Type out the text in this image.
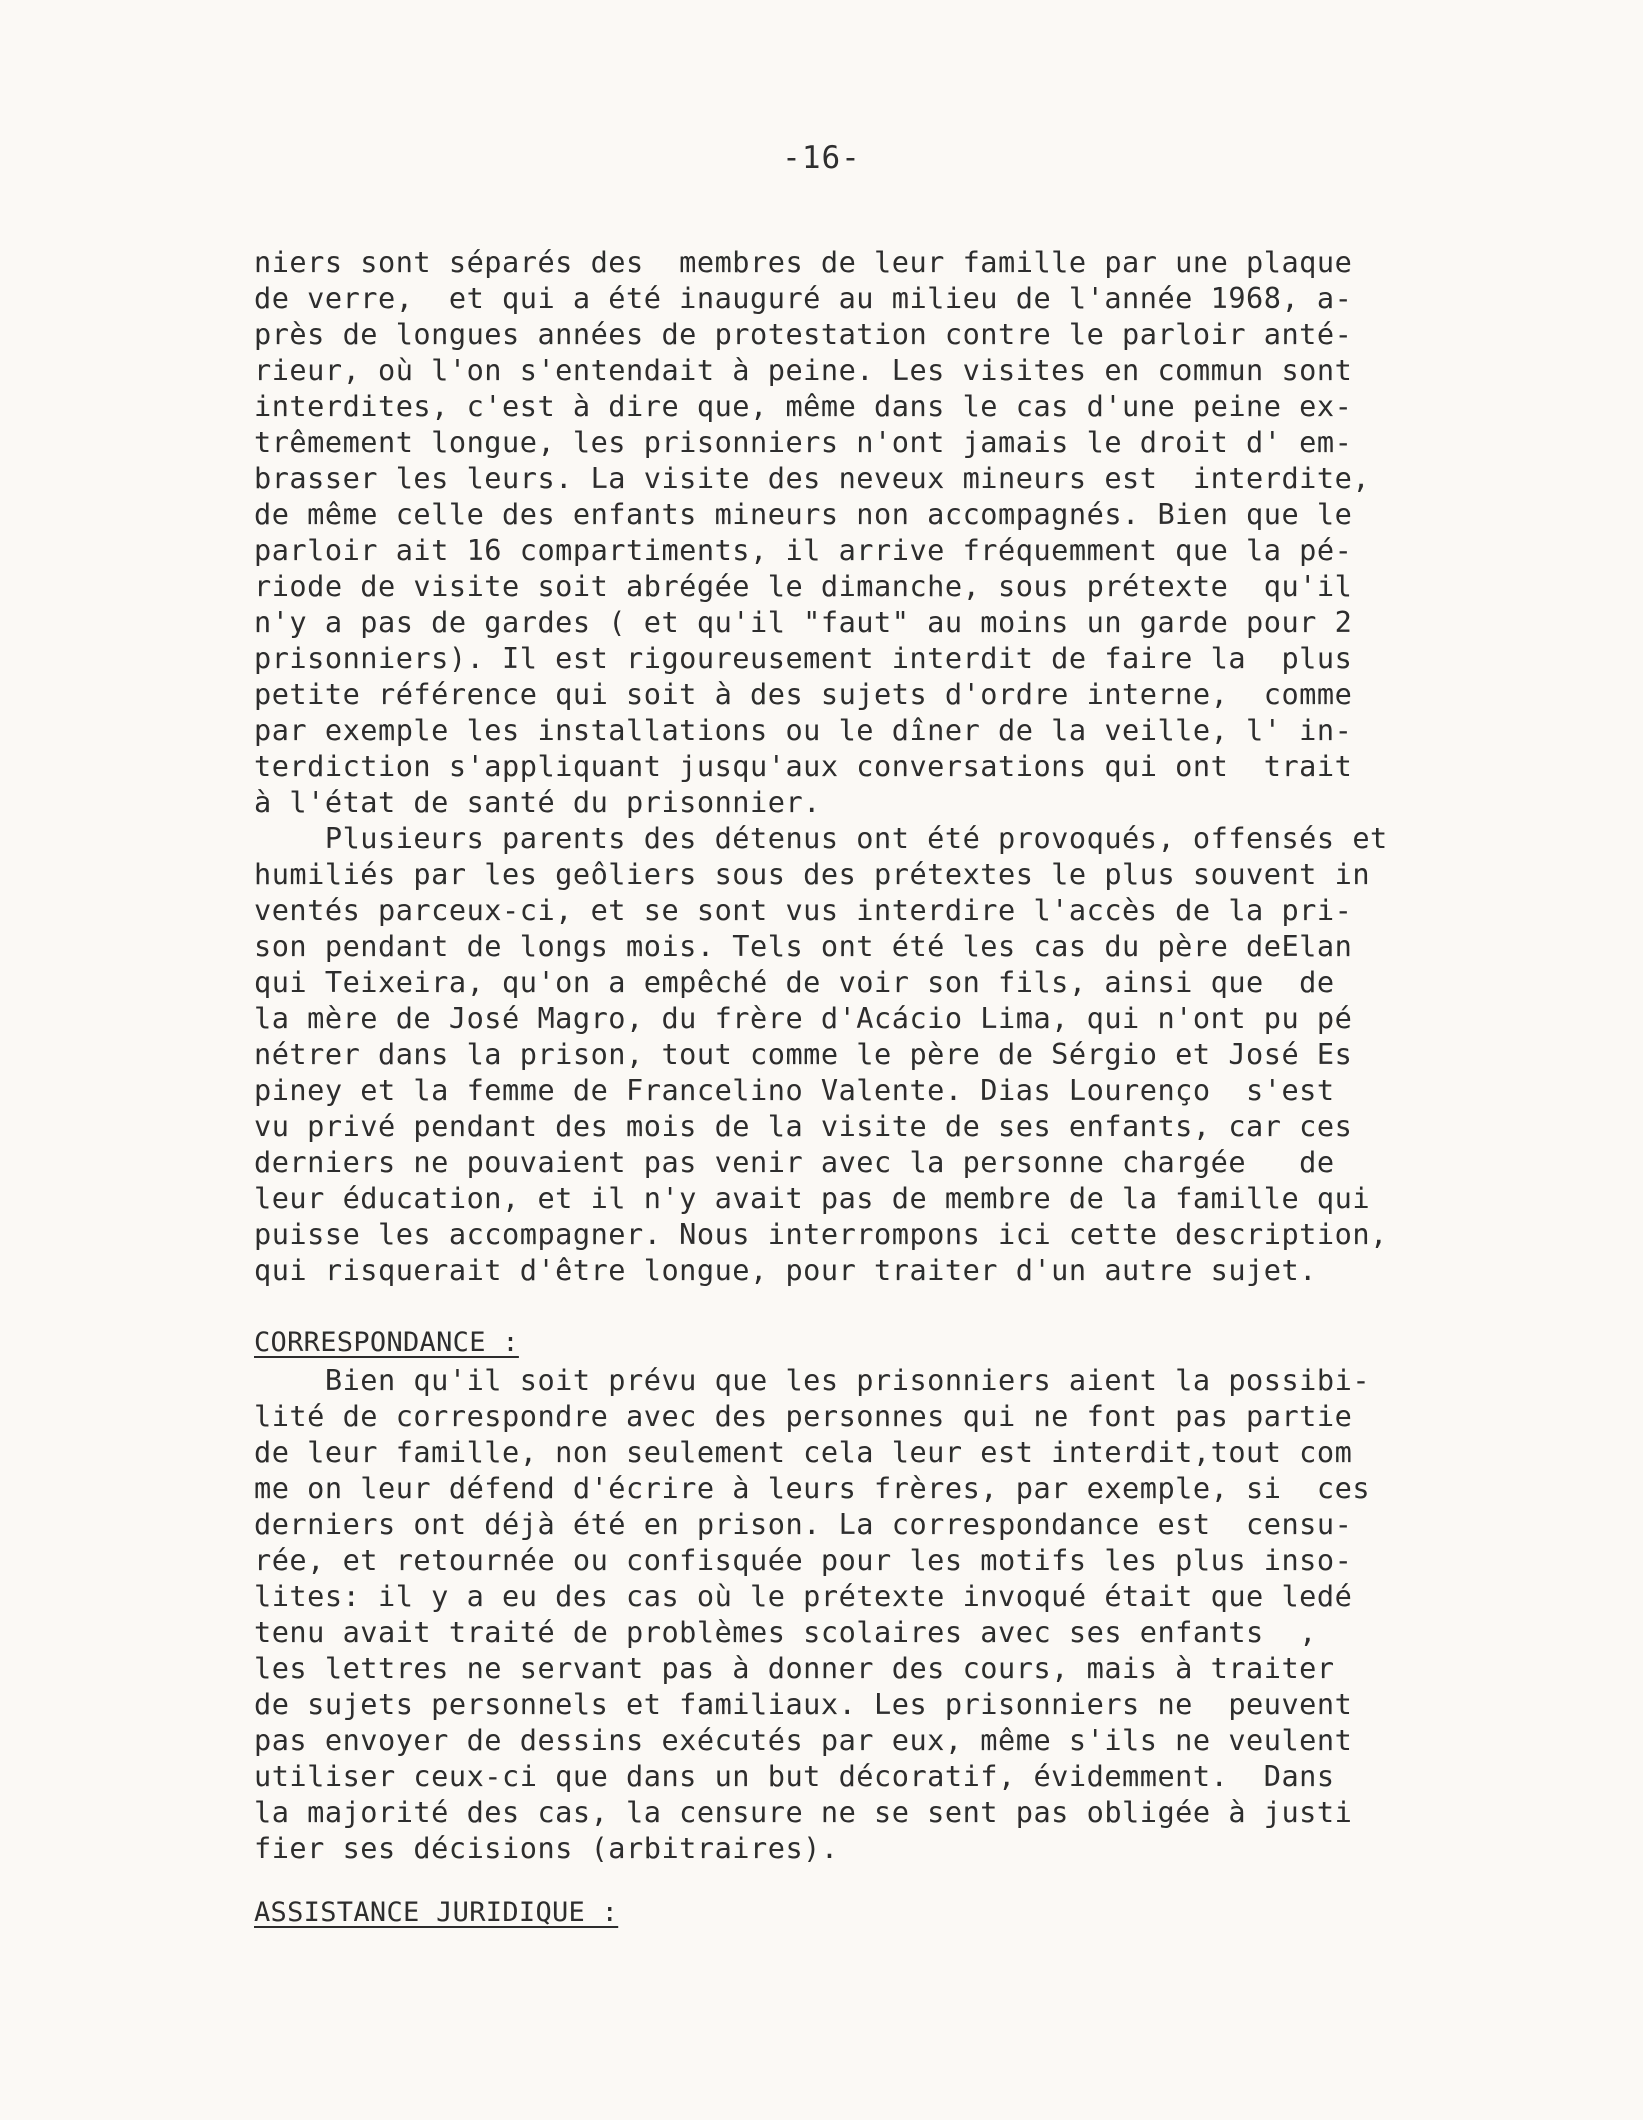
-16-
niers sont séparés des  membres de leur famille par une plaque
de verre,  et qui a été inauguré au milieu de l'année 1968, a-
près de longues années de protestation contre le parloir anté-
rieur, où l'on s'entendait à peine. Les visites en commun sont
interdites, c'est à dire que, même dans le cas d'une peine ex-
trêmement longue, les prisonniers n'ont jamais le droit d' em-
brasser les leurs. La visite des neveux mineurs est  interdite,
de même celle des enfants mineurs non accompagnés. Bien que le
parloir ait 16 compartiments, il arrive fréquemment que la pé-
riode de visite soit abrégée le dimanche, sous prétexte  qu'il
n'y a pas de gardes ( et qu'il "faut" au moins un garde pour 2
prisonniers). Il est rigoureusement interdit de faire la  plus
petite référence qui soit à des sujets d'ordre interne,  comme
par exemple les installations ou le dîner de la veille, l' in-
terdiction s'appliquant jusqu'aux conversations qui ont  trait
à l'état de santé du prisonnier.
Plusieurs parents des détenus ont été provoqués, offensés et
humiliés par les geôliers sous des prétextes le plus souvent in
ventés parceux-ci, et se sont vus interdire l'accès de la pri-
son pendant de longs mois. Tels ont été les cas du père deElan
qui Teixeira, qu'on a empêché de voir son fils, ainsi que  de
la mère de José Magro, du frère d'Acácio Lima, qui n'ont pu pé
nétrer dans la prison, tout comme le père de Sérgio et José Es
piney et la femme de Francelino Valente. Dias Lourenço  s'est
vu privé pendant des mois de la visite de ses enfants, car ces
derniers ne pouvaient pas venir avec la personne chargée   de
leur éducation, et il n'y avait pas de membre de la famille qui
puisse les accompagner. Nous interrompons ici cette description,
qui risquerait d'être longue, pour traiter d'un autre sujet.
CORRESPONDANCE :
Bien qu'il soit prévu que les prisonniers aient la possibi-
lité de correspondre avec des personnes qui ne font pas partie
de leur famille, non seulement cela leur est interdit,tout com
me on leur défend d'écrire à leurs frères, par exemple, si  ces
derniers ont déjà été en prison. La correspondance est  censu-
rée, et retournée ou confisquée pour les motifs les plus inso-
lites: il y a eu des cas où le prétexte invoqué était que ledé
tenu avait traité de problèmes scolaires avec ses enfants  ,
les lettres ne servant pas à donner des cours, mais à traiter
de sujets personnels et familiaux. Les prisonniers ne  peuvent
pas envoyer de dessins exécutés par eux, même s'ils ne veulent
utiliser ceux-ci que dans un but décoratif, évidemment.  Dans
la majorité des cas, la censure ne se sent pas obligée à justi
fier ses décisions (arbitraires).
ASSISTANCE JURIDIQUE :
